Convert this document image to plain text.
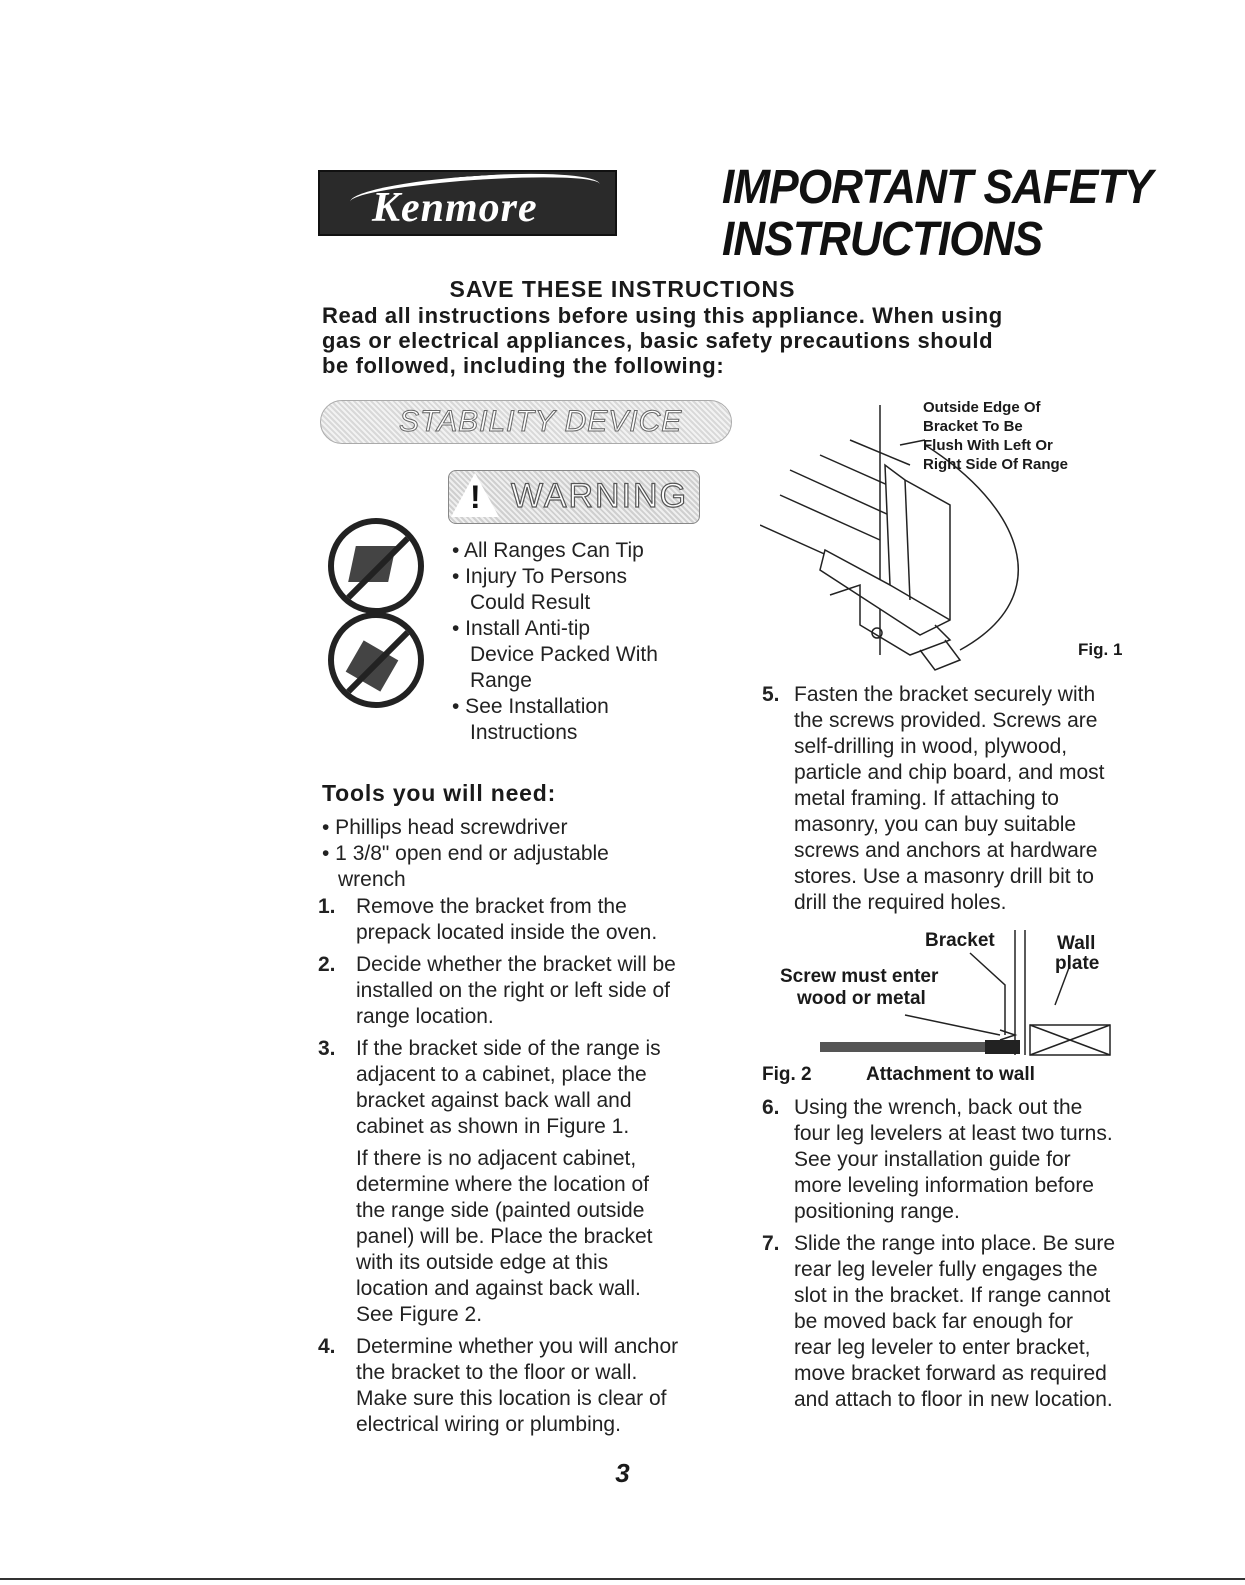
Kenmore	IMPORTANT SAFETY
INSTRUCTIONS
SAVE THESE INSTRUCTIONS
Read all instructions before using this appliance. When using
gas or electrical appliances, basic safety precautions should
be followed, including the following:
STABILITY DEVICE
!
WARNING
• All Ranges Can Tip
• Injury To Persons
Could Result
• Install Anti-tip
Device Packed With
Range
• See Installation
Instructions
Tools you will need:
• Phillips head screwdriver
• 1 3/8" open end or adjustable
wrench
1. Remove the bracket from the
prepack located inside the oven.
2. Decide whether the bracket will be
installed on the right or left side of
range location.
3. If the bracket side of the range is
adjacent to a cabinet, place the
bracket against back wall and
cabinet as shown in Figure 1.
If there is no adjacent cabinet,
determine where the location of
the range side (painted outside
panel) will be. Place the bracket
with its outside edge at this
location and against back wall.
See Figure 2.
4. Determine whether you will anchor
the bracket to the floor or wall.
Make sure this location is clear of
electrical wiring or plumbing.
Outside Edge Of
Bracket To Be
Flush With Left Or
Right Side Of Range
Fig. 1
5. Fasten the bracket securely with
the screws provided. Screws are
self-drilling in wood, plywood,
particle and chip board, and most
metal framing. If attaching to
masonry, you can buy suitable
screws and anchors at hardware
stores. Use a masonry drill bit to
drill the required holes.
Bracket	Wall
plate
Screw must enter
wood or metal
Fig. 2	Attachment to wall
6. Using the wrench, back out the
four leg levelers at least two turns.
See your installation guide for
more leveling information before
positioning range.
7. Slide the range into place. Be sure
rear leg leveler fully engages the
slot in the bracket. If range cannot
be moved back far enough for
rear leg leveler to enter bracket,
move bracket forward as required
and attach to floor in new location.
3
